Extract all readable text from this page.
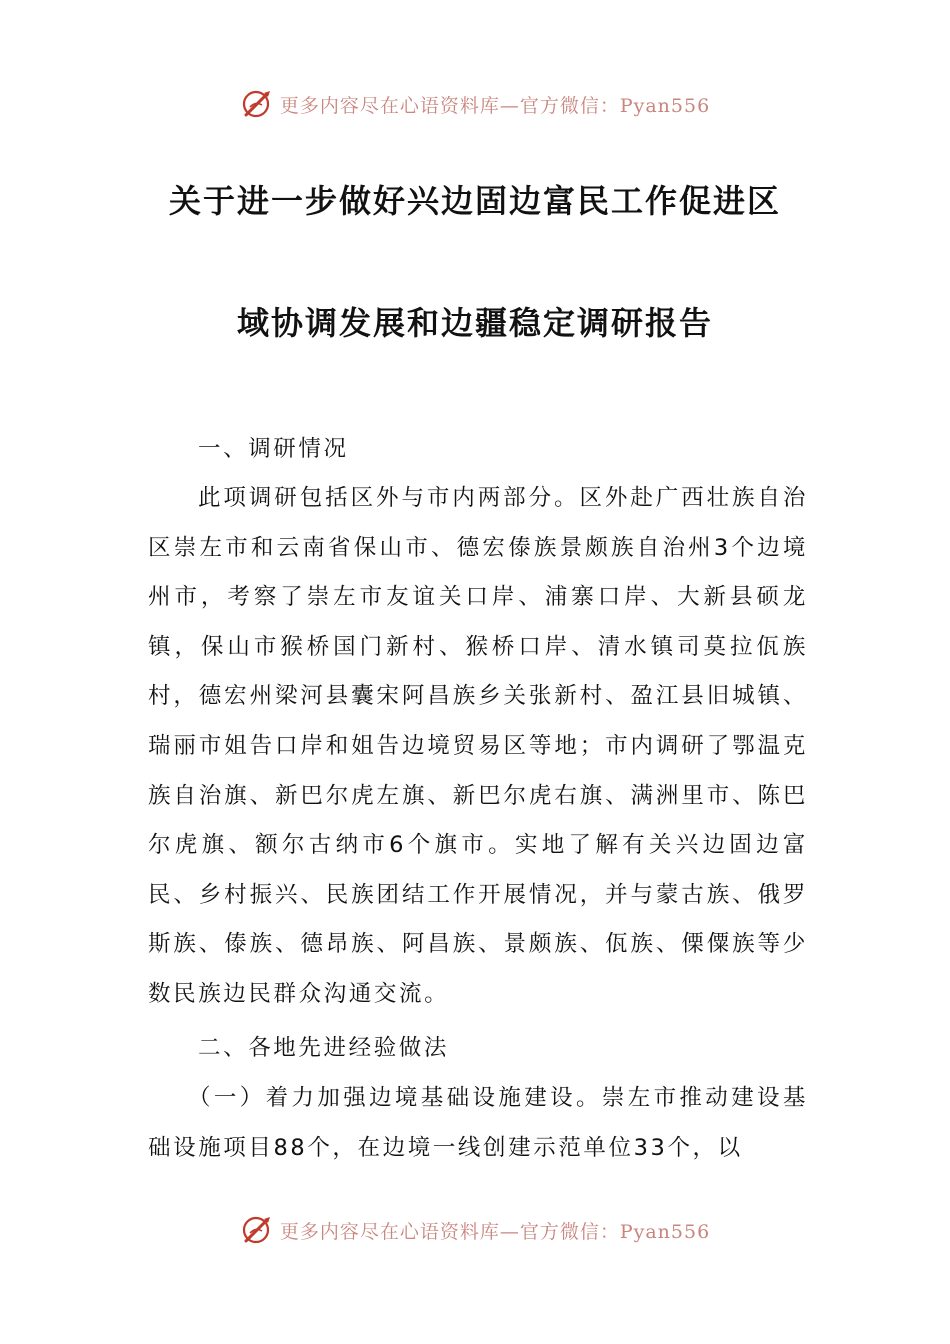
更多内容尽在心语资料库—官方微信：Pyan556
关于进一步做好兴边固边富民工作促进区
域协调发展和边疆稳定调研报告
一、调研情况

此项调研包括区外与市内两部分。区外赴广西壮族自治区崇左市和云南省保山市、德宏傣族景颇族自治州3个边境州市，考察了崇左市友谊关口岸、浦寨口岸、大新县硕龙镇，保山市猴桥国门新村、猴桥口岸、清水镇司莫拉佤族村，德宏州梁河县囊宋阿昌族乡关张新村、盈江县旧城镇、瑞丽市姐告口岸和姐告边境贸易区等地；市内调研了鄂温克族自治旗、新巴尔虎左旗、新巴尔虎右旗、满洲里市、陈巴尔虎旗、额尔古纳市6个旗市。实地了解有关兴边固边富民、乡村振兴、民族团结工作开展情况，并与蒙古族、俄罗斯族、傣族、德昂族、阿昌族、景颇族、佤族、傈僳族等少数民族边民群众沟通交流。

二、各地先进经验做法

（一）着力加强边境基础设施建设。崇左市推动建设基础设施项目88个，在边境一线创建示范单位33个，以

更多内容尽在心语资料库—官方微信：Pyan556
